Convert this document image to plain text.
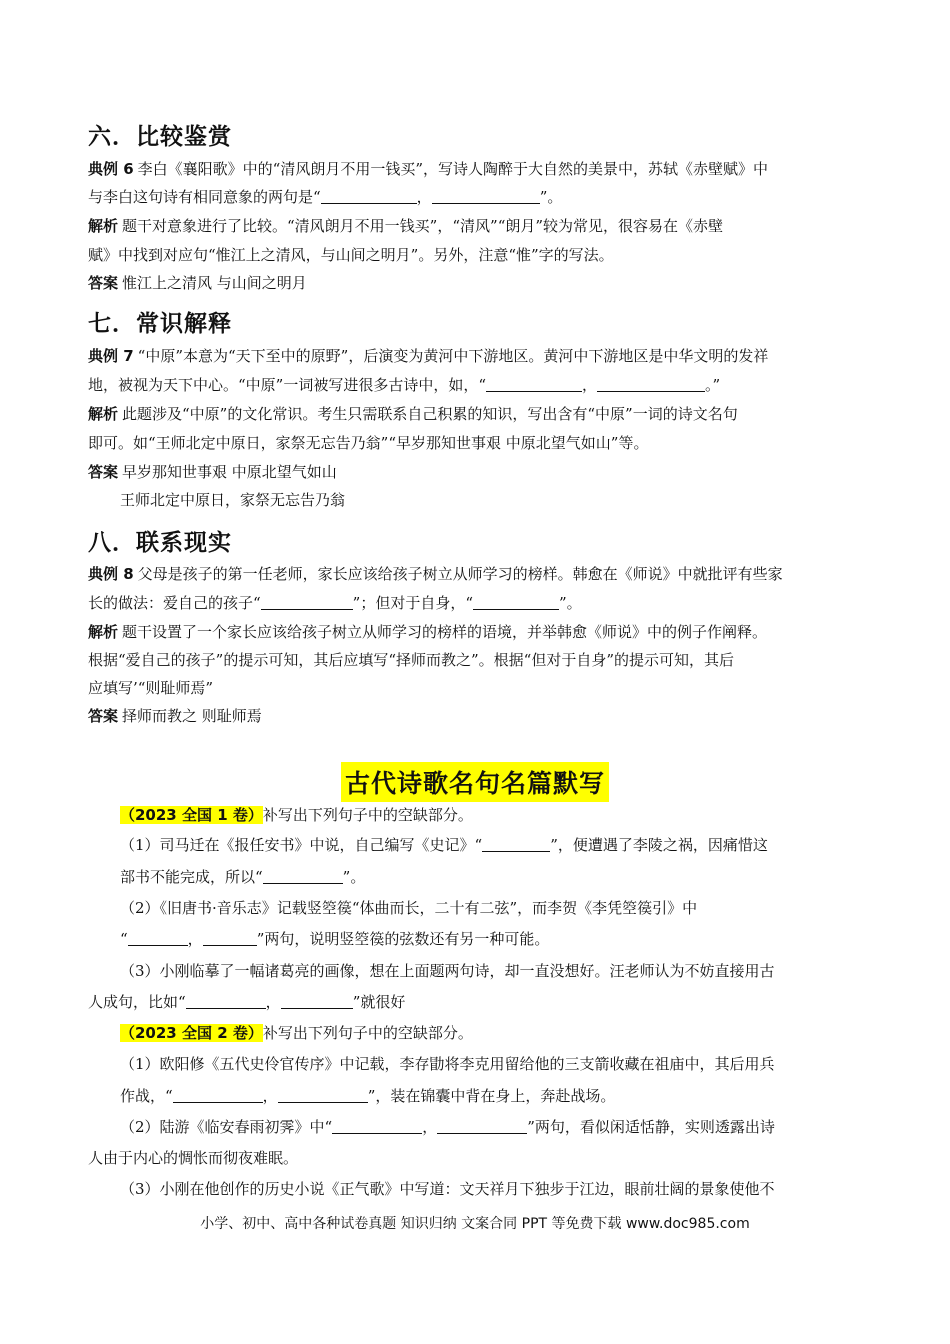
六．比较鉴赏
典例 6 李白《襄阳歌》中的“清风朗月不用一钱买”，写诗人陶醉于大自然的美景中，苏轼《赤壁赋》中
与李白这句诗有相同意象的两句是“	，	”。
解析 题干对意象进行了比较。“清风朗月不用一钱买”，“清风”“朗月”较为常见，很容易在《赤壁
赋》中找到对应句“惟江上之清风，与山间之明月”。另外，注意“惟”字的写法。
答案 惟江上之清风 与山间之明月
七．常识解释
典例 7 “中原”本意为“天下至中的原野”，后演变为黄河中下游地区。黄河中下游地区是中华文明的发祥
地，被视为天下中心。“中原”一词被写进很多古诗中，如，“	，	。”
解析 此题涉及“中原”的文化常识。考生只需联系自己积累的知识，写出含有“中原”一词的诗文名句
即可。如“王师北定中原日，家祭无忘告乃翁”“早岁那知世事艰 中原北望气如山”等。
答案 早岁那知世事艰 中原北望气如山
王师北定中原日，家祭无忘告乃翁
八．联系现实
典例 8 父母是孩子的第一任老师，家长应该给孩子树立从师学习的榜样。韩愈在《师说》中就批评有些家
长的做法：爱自己的孩子“	”；但对于自身，“	”。
解析 题干设置了一个家长应该给孩子树立从师学习的榜样的语境，并举韩愈《师说》中的例子作阐释。
根据“爱自己的孩子”的提示可知，其后应填写“择师而教之”。根据“但对于自身”的提示可知，其后
应填写’“则耻师焉”
答案 择师而教之 则耻师焉
古代诗歌名句名篇默写
（2023 全国 1 卷）补写出下列句子中的空缺部分。
（1）司马迁在《报任安书》中说，自己编写《史记》“	”，便遭遇了李陵之祸，因痛惜这
部书不能完成，所以“	”。
（2）《旧唐书·音乐志》记载竖箜篌“体曲而长，二十有二弦”，而李贺《李凭箜篌引》中
“	，	”两句，说明竖箜篌的弦数还有另一种可能。
（3）小刚临摹了一幅诸葛亮的画像，想在上面题两句诗，却一直没想好。汪老师认为不妨直接用古
人成句，比如“	，	”就很好
（2023 全国 2 卷）补写出下列句子中的空缺部分。
（1）欧阳修《五代史伶官传序》中记载，李存勖将李克用留给他的三支箭收藏在祖庙中，其后用兵
作战，“	，	”，装在锦囊中背在身上，奔赴战场。
（2）陆游《临安春雨初霁》中“	，	”两句，看似闲适恬静，实则透露出诗
人由于内心的惆怅而彻夜难眠。
（3）小刚在他创作的历史小说《正气歌》中写道：文天祥月下独步于江边，眼前壮阔的景象使他不
小学、初中、高中各种试卷真题 知识归纳 文案合同 PPT 等免费下载 www.doc985.com
